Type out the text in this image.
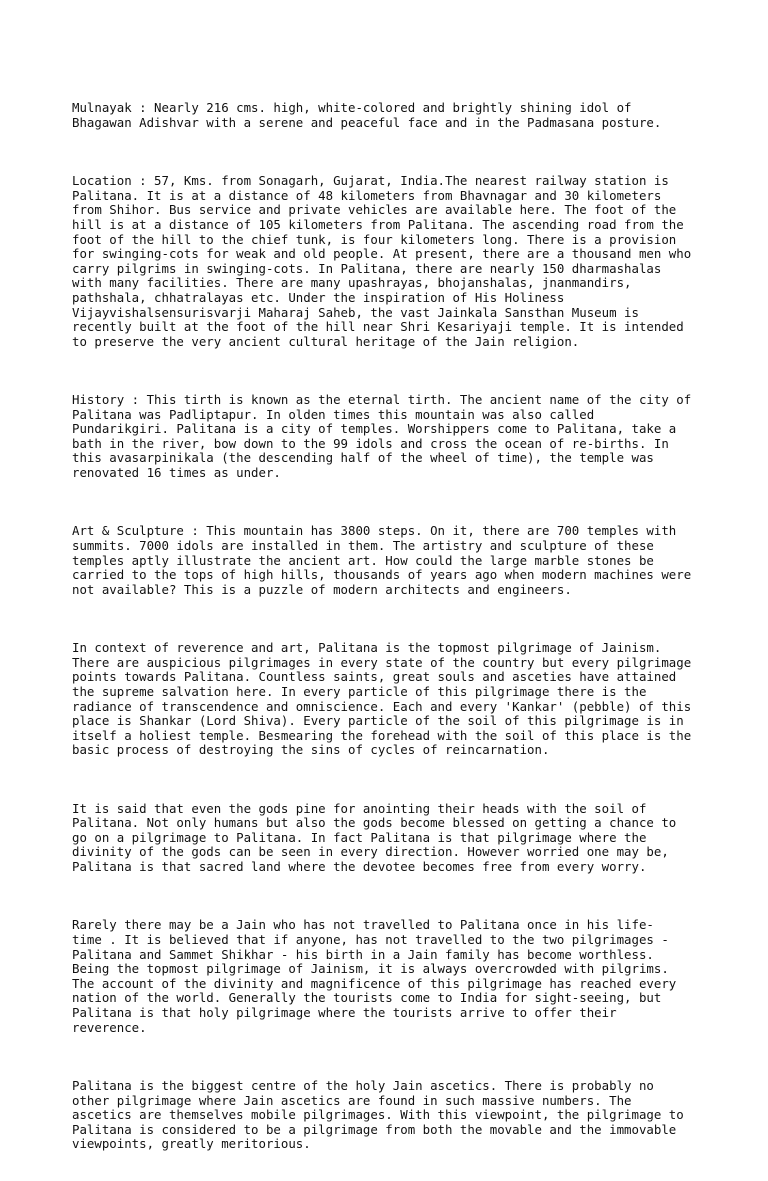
Mulnayak : Nearly 216 cms. high, white-colored and brightly shining idol of
Bhagawan Adishvar with a serene and peaceful face and in the Padmasana posture.

Location : 57, Kms. from Sonagarh, Gujarat, India.The nearest railway station is
Palitana. It is at a distance of 48 kilometers from Bhavnagar and 30 kilometers
from Shihor. Bus service and private vehicles are available here. The foot of the
hill is at a distance of 105 kilometers from Palitana. The ascending road from the
foot of the hill to the chief tunk, is four kilometers long. There is a provision
for swinging-cots for weak and old people. At present, there are a thousand men who
carry pilgrims in swinging-cots. In Palitana, there are nearly 150 dharmashalas
with many facilities. There are many upashrayas, bhojanshalas, jnanmandirs,
pathshala, chhatralayas etc. Under the inspiration of His Holiness
Vijayvishalsensurisvarji Maharaj Saheb, the vast Jainkala Sansthan Museum is
recently built at the foot of the hill near Shri Kesariyaji temple. It is intended
to preserve the very ancient cultural heritage of the Jain religion.

History : This tirth is known as the eternal tirth. The ancient name of the city of
Palitana was Padliptapur. In olden times this mountain was also called
Pundarikgiri. Palitana is a city of temples. Worshippers come to Palitana, take a
bath in the river, bow down to the 99 idols and cross the ocean of re-births. In
this avasarpinikala (the descending half of the wheel of time), the temple was
renovated 16 times as under.

Art & Sculpture : This mountain has 3800 steps. On it, there are 700 temples with
summits. 7000 idols are installed in them. The artistry and sculpture of these
temples aptly illustrate the ancient art. How could the large marble stones be
carried to the tops of high hills, thousands of years ago when modern machines were
not available? This is a puzzle of modern architects and engineers.

In context of reverence and art, Palitana is the topmost pilgrimage of Jainism.
There are auspicious pilgrimages in every state of the country but every pilgrimage
points towards Palitana. Countless saints, great souls and asceties have attained
the supreme salvation here. In every particle of this pilgrimage there is the
radiance of transcendence and omniscience. Each and every 'Kankar' (pebble) of this
place is Shankar (Lord Shiva). Every particle of the soil of this pilgrimage is in
itself a holiest temple. Besmearing the forehead with the soil of this place is the
basic process of destroying the sins of cycles of reincarnation.

It is said that even the gods pine for anointing their heads with the soil of
Palitana. Not only humans but also the gods become blessed on getting a chance to
go on a pilgrimage to Palitana. In fact Palitana is that pilgrimage where the
divinity of the gods can be seen in every direction. However worried one may be,
Palitana is that sacred land where the devotee becomes free from every worry.

Rarely there may be a Jain who has not travelled to Palitana once in his life-
time . It is believed that if anyone, has not travelled to the two pilgrimages -
Palitana and Sammet Shikhar - his birth in a Jain family has become worthless.
Being the topmost pilgrimage of Jainism, it is always overcrowded with pilgrims.
The account of the divinity and magnificence of this pilgrimage has reached every
nation of the world. Generally the tourists come to India for sight-seeing, but
Palitana is that holy pilgrimage where the tourists arrive to offer their
reverence.

Palitana is the biggest centre of the holy Jain ascetics. There is probably no
other pilgrimage where Jain ascetics are found in such massive numbers. The
ascetics are themselves mobile pilgrimages. With this viewpoint, the pilgrimage to
Palitana is considered to be a pilgrimage from both the movable and the immovable
viewpoints, greatly meritorious.
